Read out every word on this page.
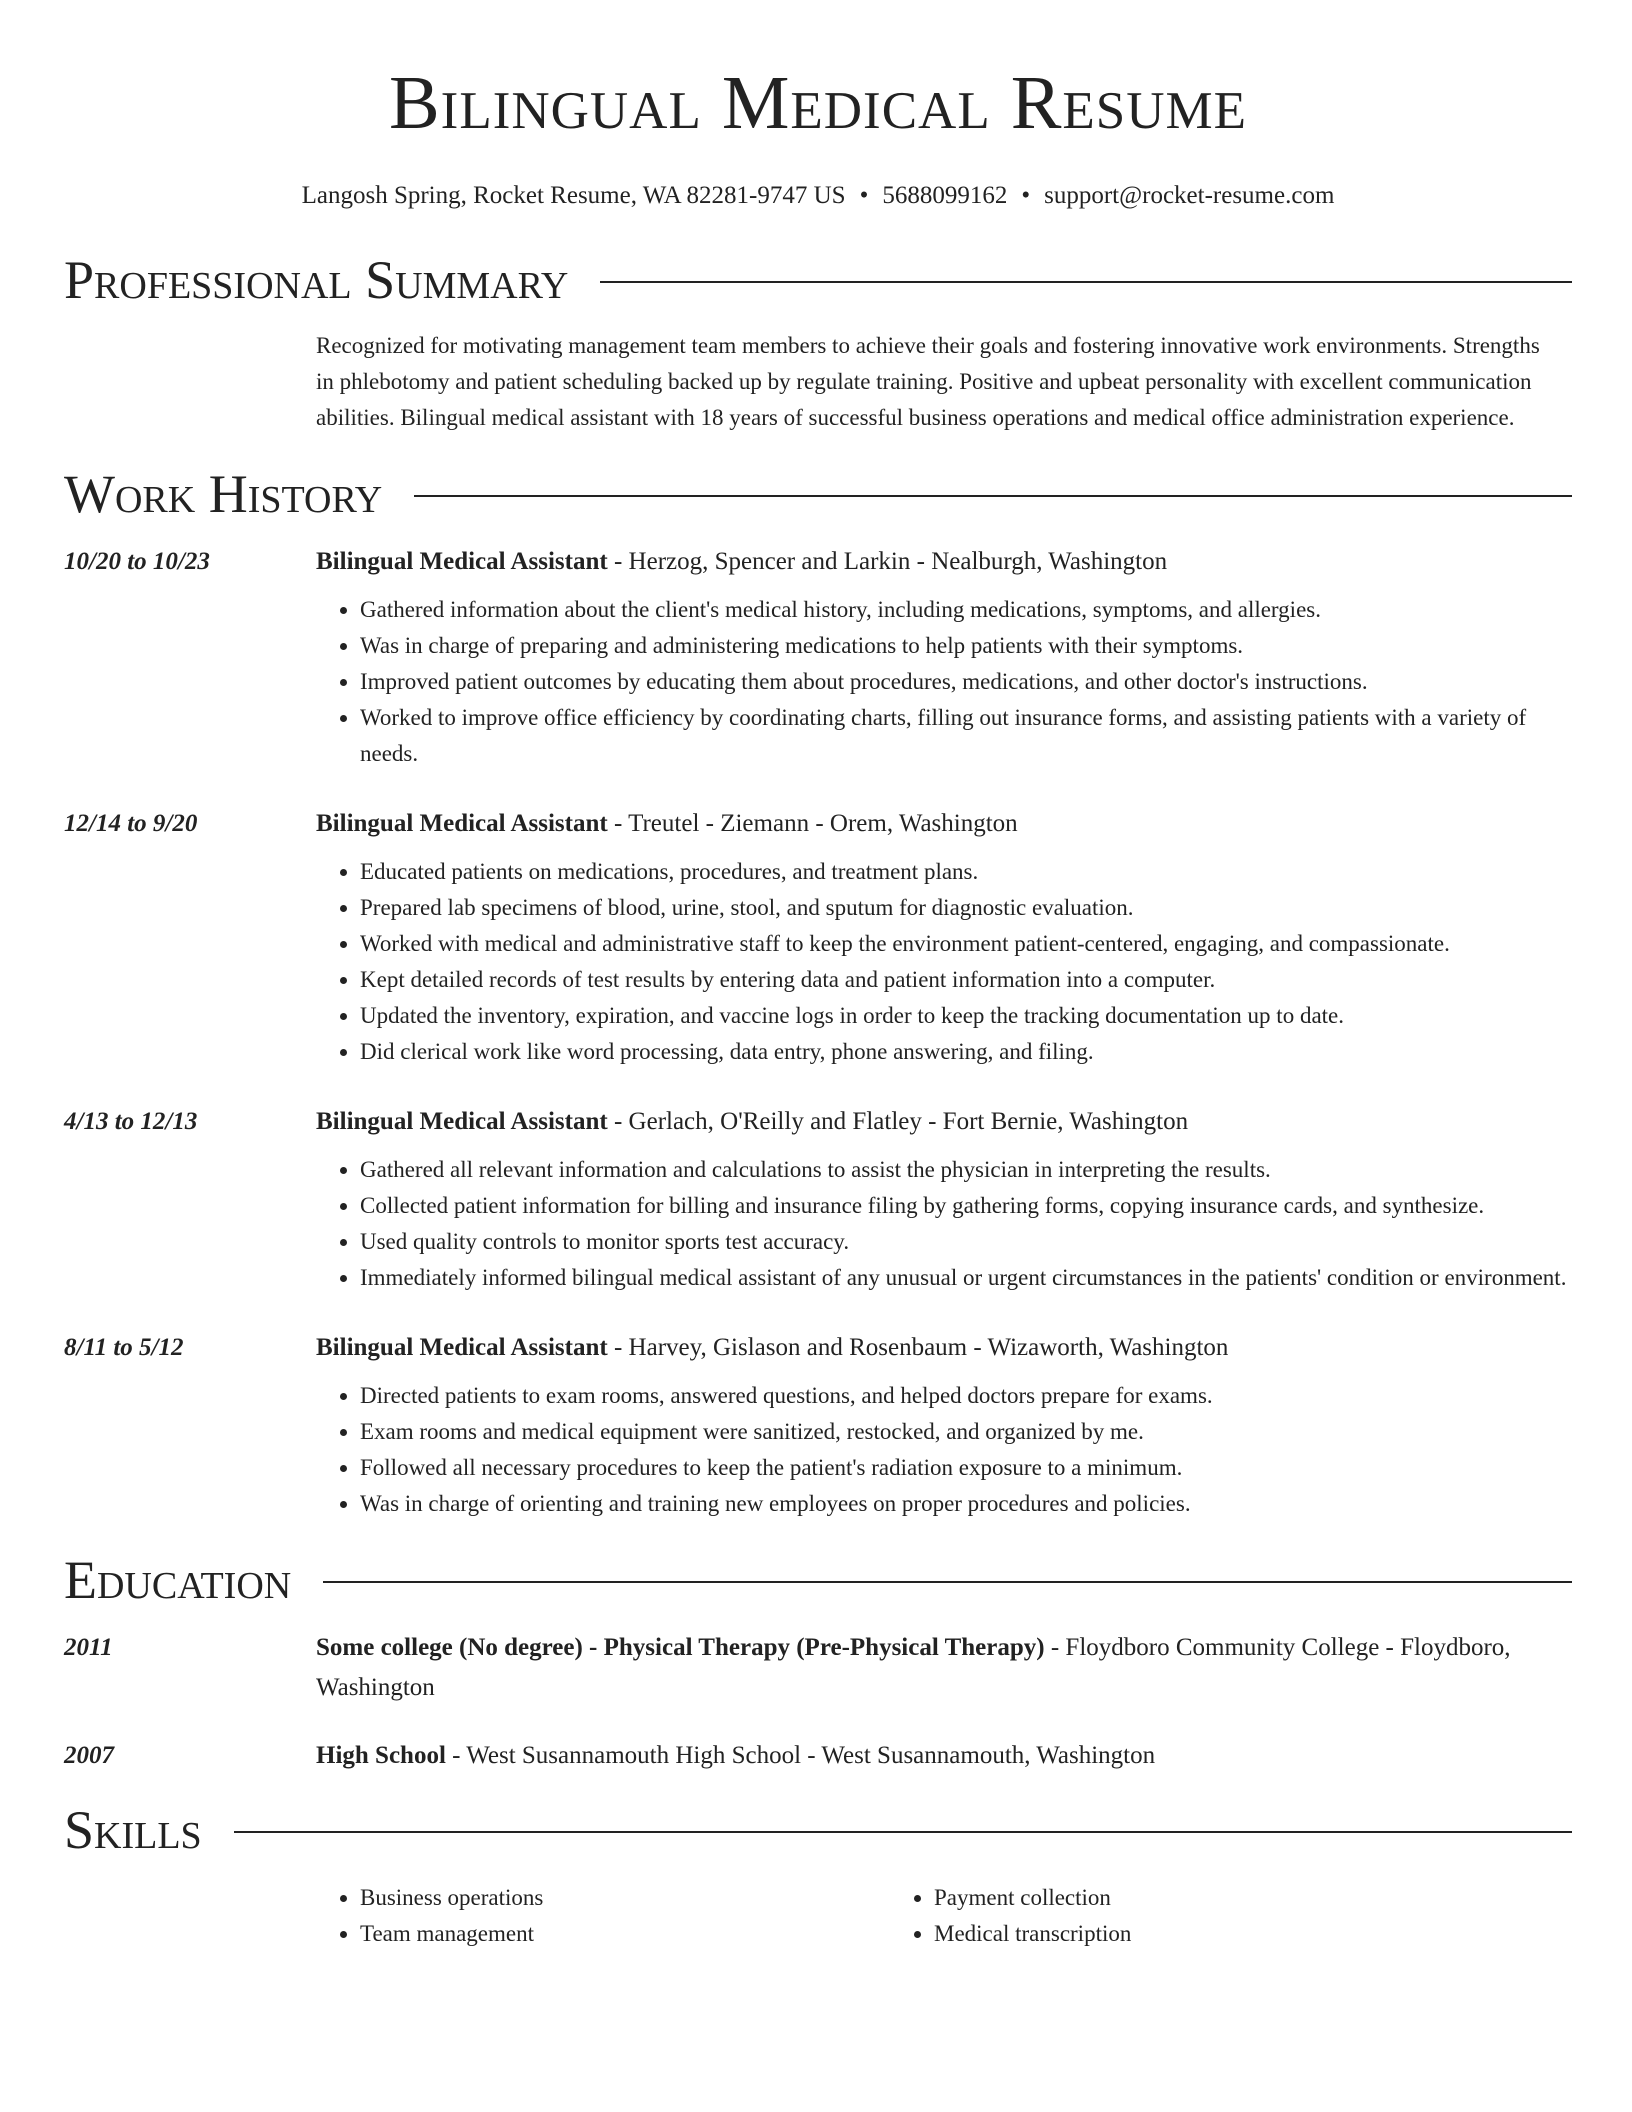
Bilingual Medical Resume
Langosh Spring, Rocket Resume, WA 82281-9747 US • 5688099162 • support@rocket-resume.com
Professional Summary
Recognized for motivating management team members to achieve their goals and fostering innovative work environments. Strengths in phlebotomy and patient scheduling backed up by regulate training. Positive and upbeat personality with excellent communication abilities. Bilingual medical assistant with 18 years of successful business operations and medical office administration experience.
Work History
10/20 to 10/23	Bilingual Medical Assistant - Herzog, Spencer and Larkin - Nealburgh, Washington
• Gathered information about the client's medical history, including medications, symptoms, and allergies.
• Was in charge of preparing and administering medications to help patients with their symptoms.
• Improved patient outcomes by educating them about procedures, medications, and other doctor's instructions.
• Worked to improve office efficiency by coordinating charts, filling out insurance forms, and assisting patients with a variety of needs.
12/14 to 9/20	Bilingual Medical Assistant - Treutel - Ziemann - Orem, Washington
• Educated patients on medications, procedures, and treatment plans.
• Prepared lab specimens of blood, urine, stool, and sputum for diagnostic evaluation.
• Worked with medical and administrative staff to keep the environment patient-centered, engaging, and compassionate.
• Kept detailed records of test results by entering data and patient information into a computer.
• Updated the inventory, expiration, and vaccine logs in order to keep the tracking documentation up to date.
• Did clerical work like word processing, data entry, phone answering, and filing.
4/13 to 12/13	Bilingual Medical Assistant - Gerlach, O'Reilly and Flatley - Fort Bernie, Washington
• Gathered all relevant information and calculations to assist the physician in interpreting the results.
• Collected patient information for billing and insurance filing by gathering forms, copying insurance cards, and synthesize.
• Used quality controls to monitor sports test accuracy.
• Immediately informed bilingual medical assistant of any unusual or urgent circumstances in the patients' condition or environment.
8/11 to 5/12	Bilingual Medical Assistant - Harvey, Gislason and Rosenbaum - Wizaworth, Washington
• Directed patients to exam rooms, answered questions, and helped doctors prepare for exams.
• Exam rooms and medical equipment were sanitized, restocked, and organized by me.
• Followed all necessary procedures to keep the patient's radiation exposure to a minimum.
• Was in charge of orienting and training new employees on proper procedures and policies.
Education
2011	Some college (No degree) - Physical Therapy (Pre-Physical Therapy) - Floydboro Community College - Floydboro, Washington
2007	High School - West Susannamouth High School - West Susannamouth, Washington
Skills
• Business operations
• Team management
• Payment collection
• Medical transcription
